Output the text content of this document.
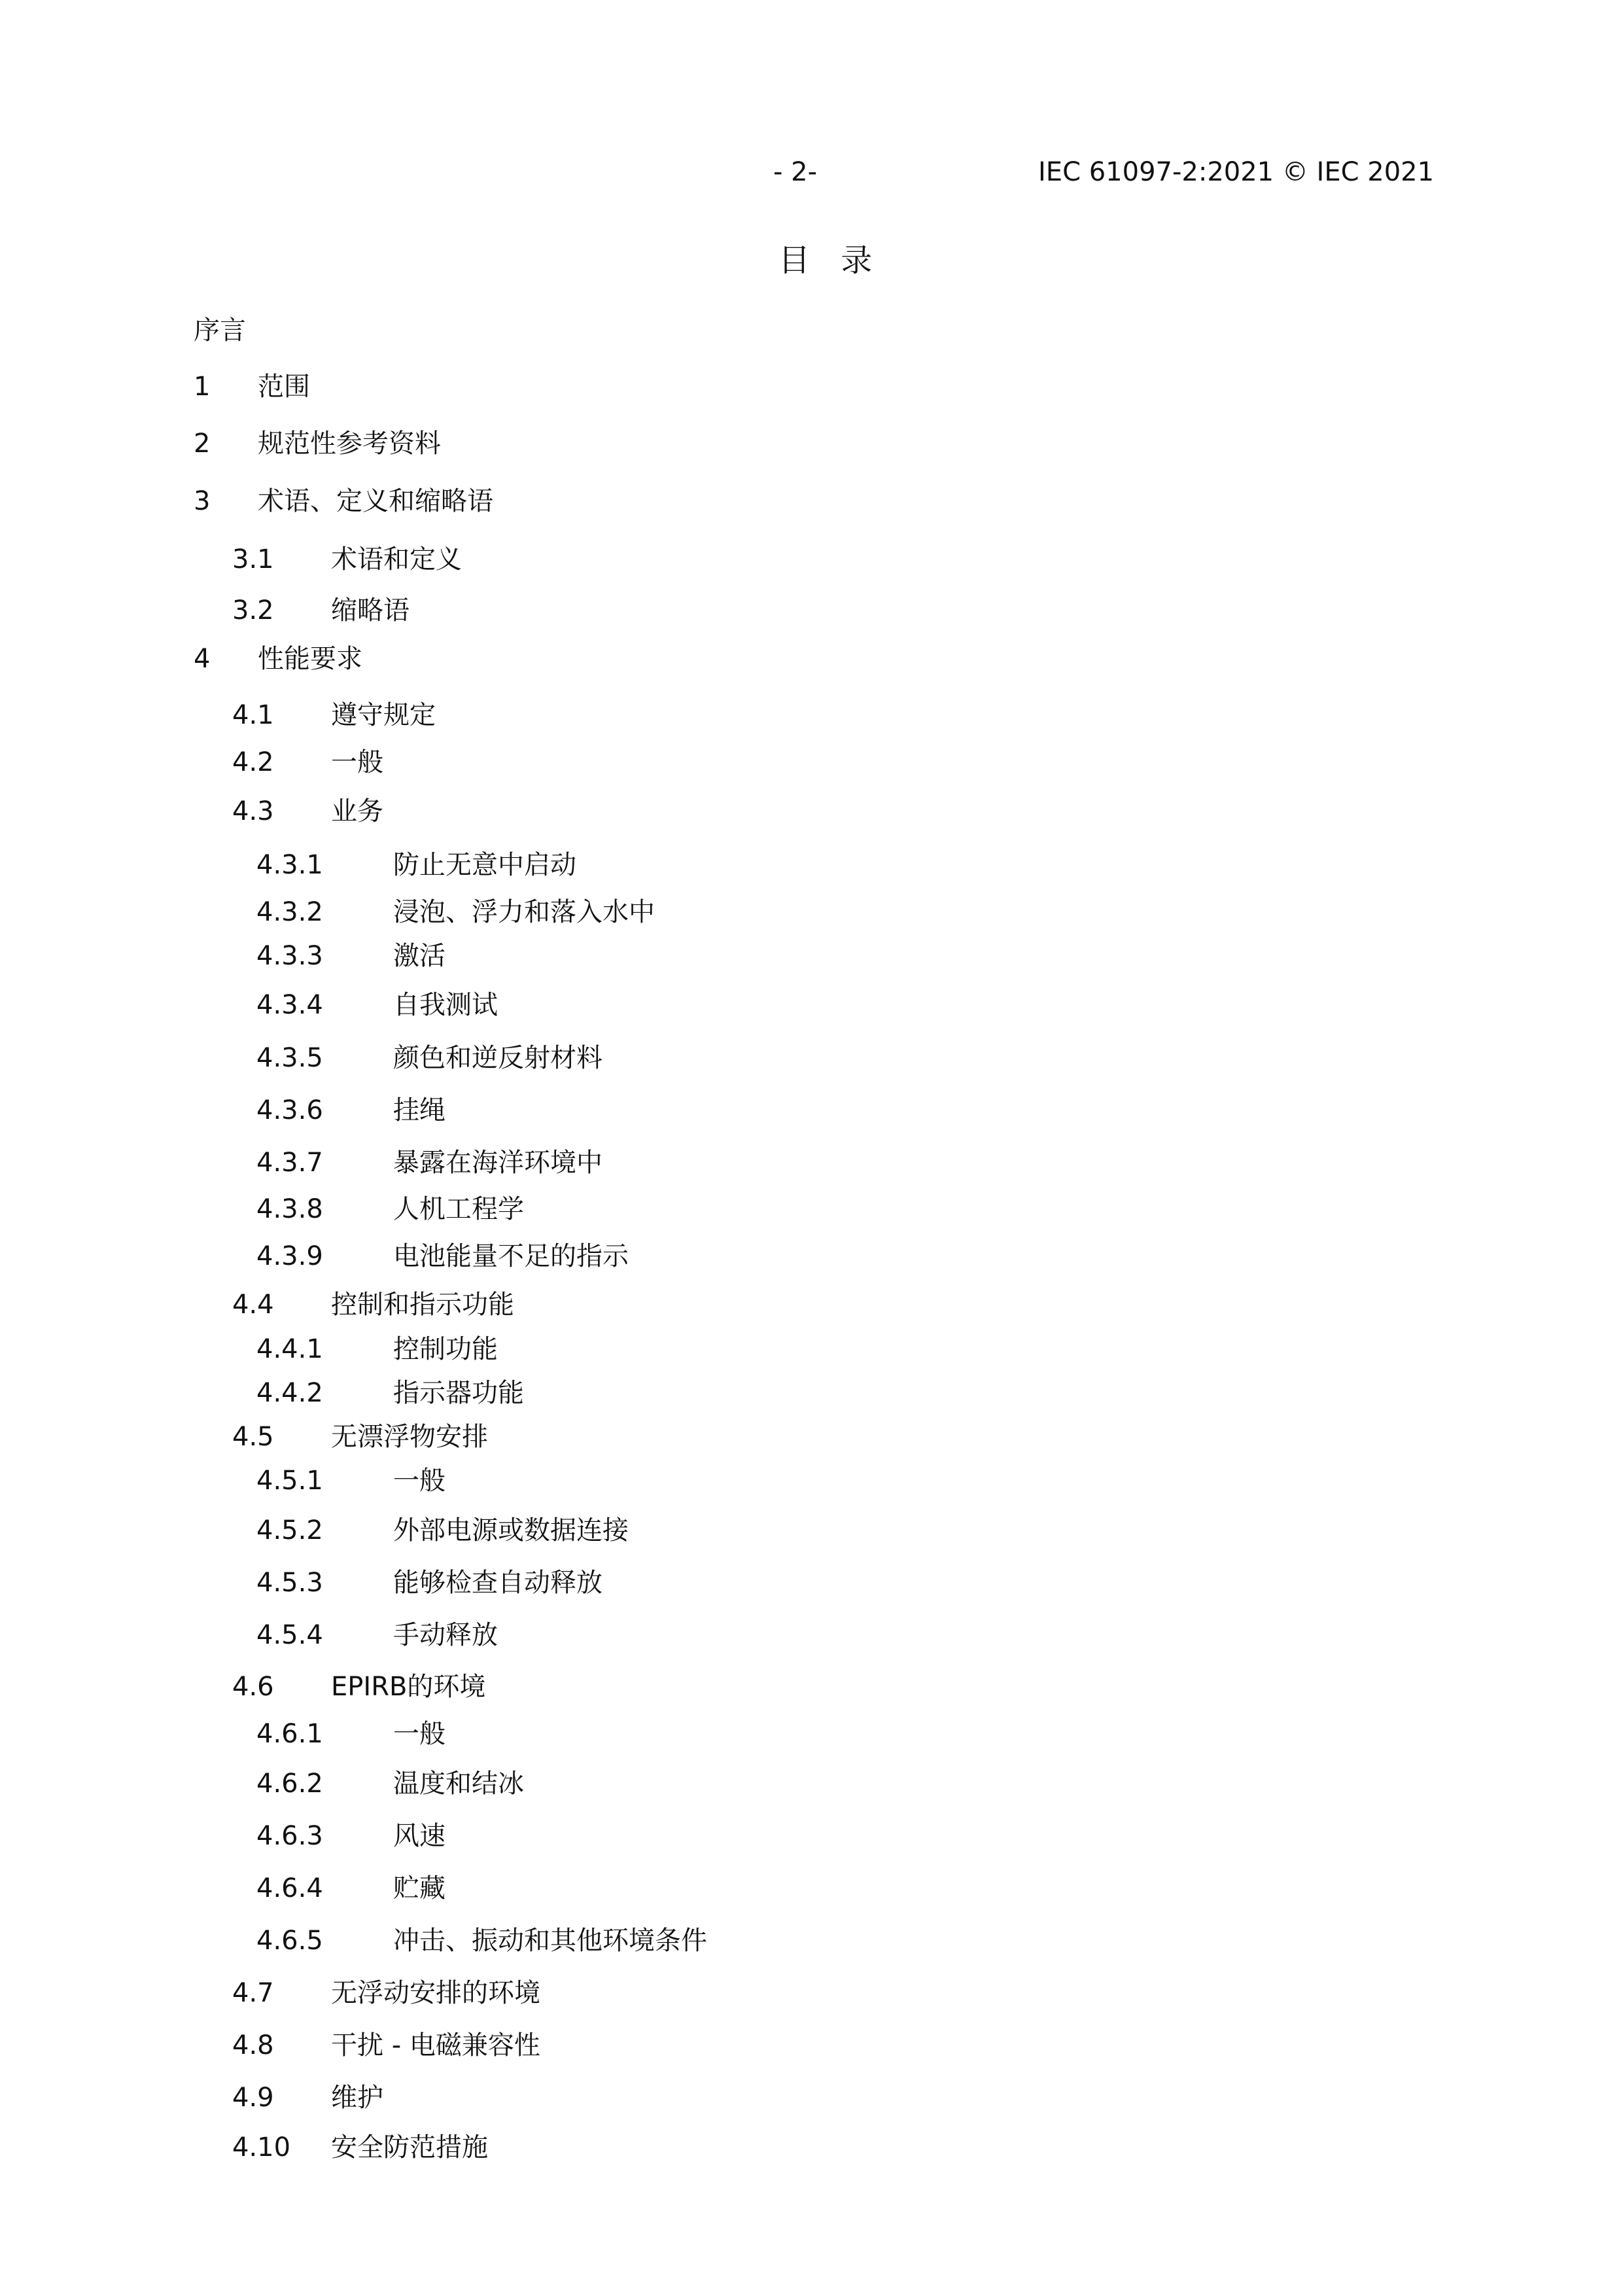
- 2-	IEC 61097-2:2021 © IEC 2021
目 录
序言
1 范围
2 规范性参考资料
3 术语、定义和缩略语
3.1 术语和定义
3.2 缩略语
4 性能要求
4.1 遵守规定
4.2 一般
4.3 业务
4.3.1	防止无意中启动
4.3.2	浸泡、浮力和落入水中
4.3.3	激活
4.3.4	自我测试
4.3.5	颜色和逆反射材料
4.3.6	挂绳
4.3.7	暴露在海洋环境中
4.3.8	人机工程学
4.3.9	电池能量不足的指示
4.4 控制和指示功能
4.4.1	控制功能
4.4.2	指示器功能
4.5 无漂浮物安排
4.5.1	一般
4.5.2	外部电源或数据连接
4.5.3	能够检查自动释放
4.5.4	手动释放
4.6 EPIRB的环境
4.6.1	一般
4.6.2	温度和结冰
4.6.3	风速
4.6.4	贮藏
4.6.5	冲击、振动和其他环境条件
4.7 无浮动安排的环境
4.8 干扰 - 电磁兼容性
4.9 维护
4.10 安全防范措施
